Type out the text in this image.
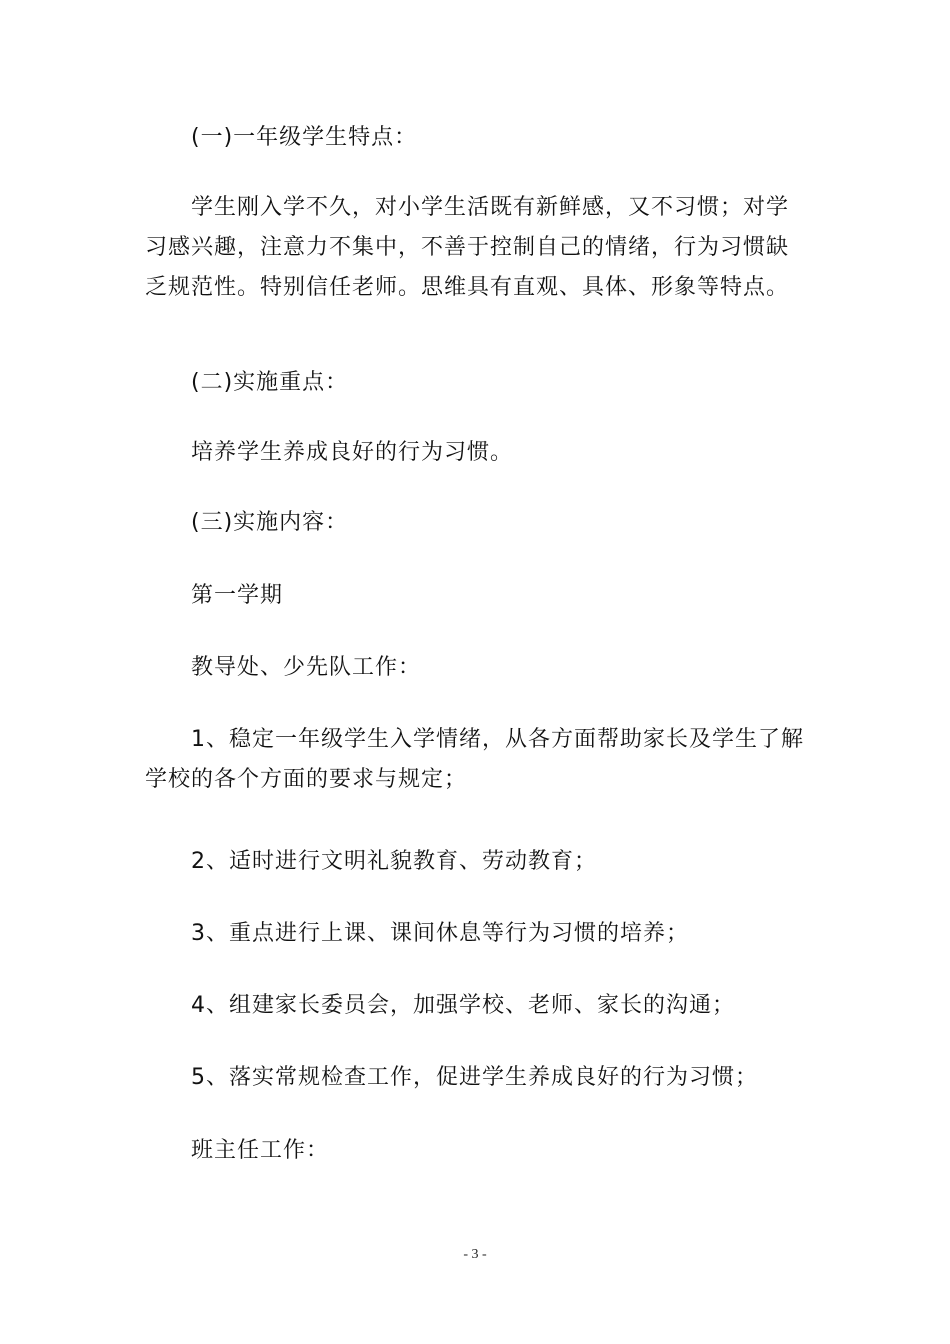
(一)一年级学生特点：

学生刚入学不久，对小学生活既有新鲜感，又不习惯；对学习感兴趣，注意力不集中，不善于控制自己的情绪，行为习惯缺乏规范性。特别信任老师。思维具有直观、具体、形象等特点。

(二)实施重点：

培养学生养成良好的行为习惯。

(三)实施内容：

第一学期

教导处、少先队工作：

1、稳定一年级学生入学情绪，从各方面帮助家长及学生了解学校的各个方面的要求与规定；

2、适时进行文明礼貌教育、劳动教育；

3、重点进行上课、课间休息等行为习惯的培养；

4、组建家长委员会，加强学校、老师、家长的沟通；

5、落实常规检查工作，促进学生养成良好的行为习惯；

班主任工作：

- 3 -
